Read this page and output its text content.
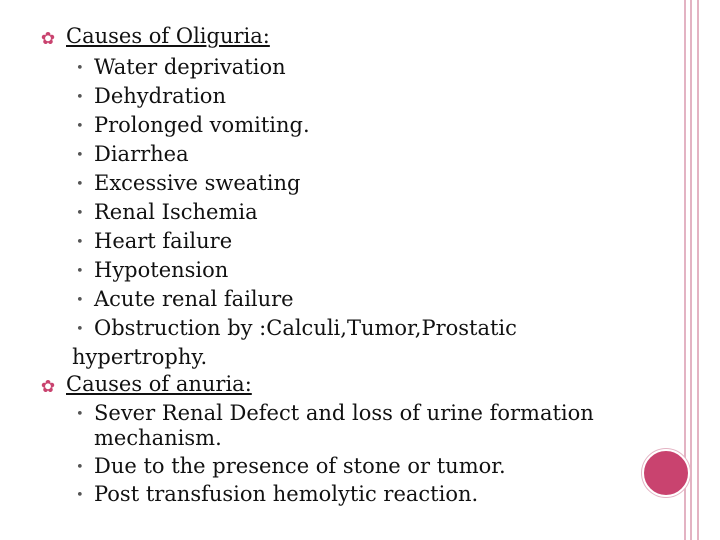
✿ Causes of Oliguria:
• Water deprivation
• Dehydration
• Prolonged vomiting.
• Diarrhea
• Excessive sweating
• Renal Ischemia
• Heart failure
• Hypotension
• Acute renal failure
• Obstruction by :Calculi,Tumor,Prostatic
hypertrophy.
✿ Causes of anuria:
• Sever Renal Defect and loss of urine formation
mechanism.
• Due to the presence of stone or tumor.
• Post transfusion hemolytic reaction.
